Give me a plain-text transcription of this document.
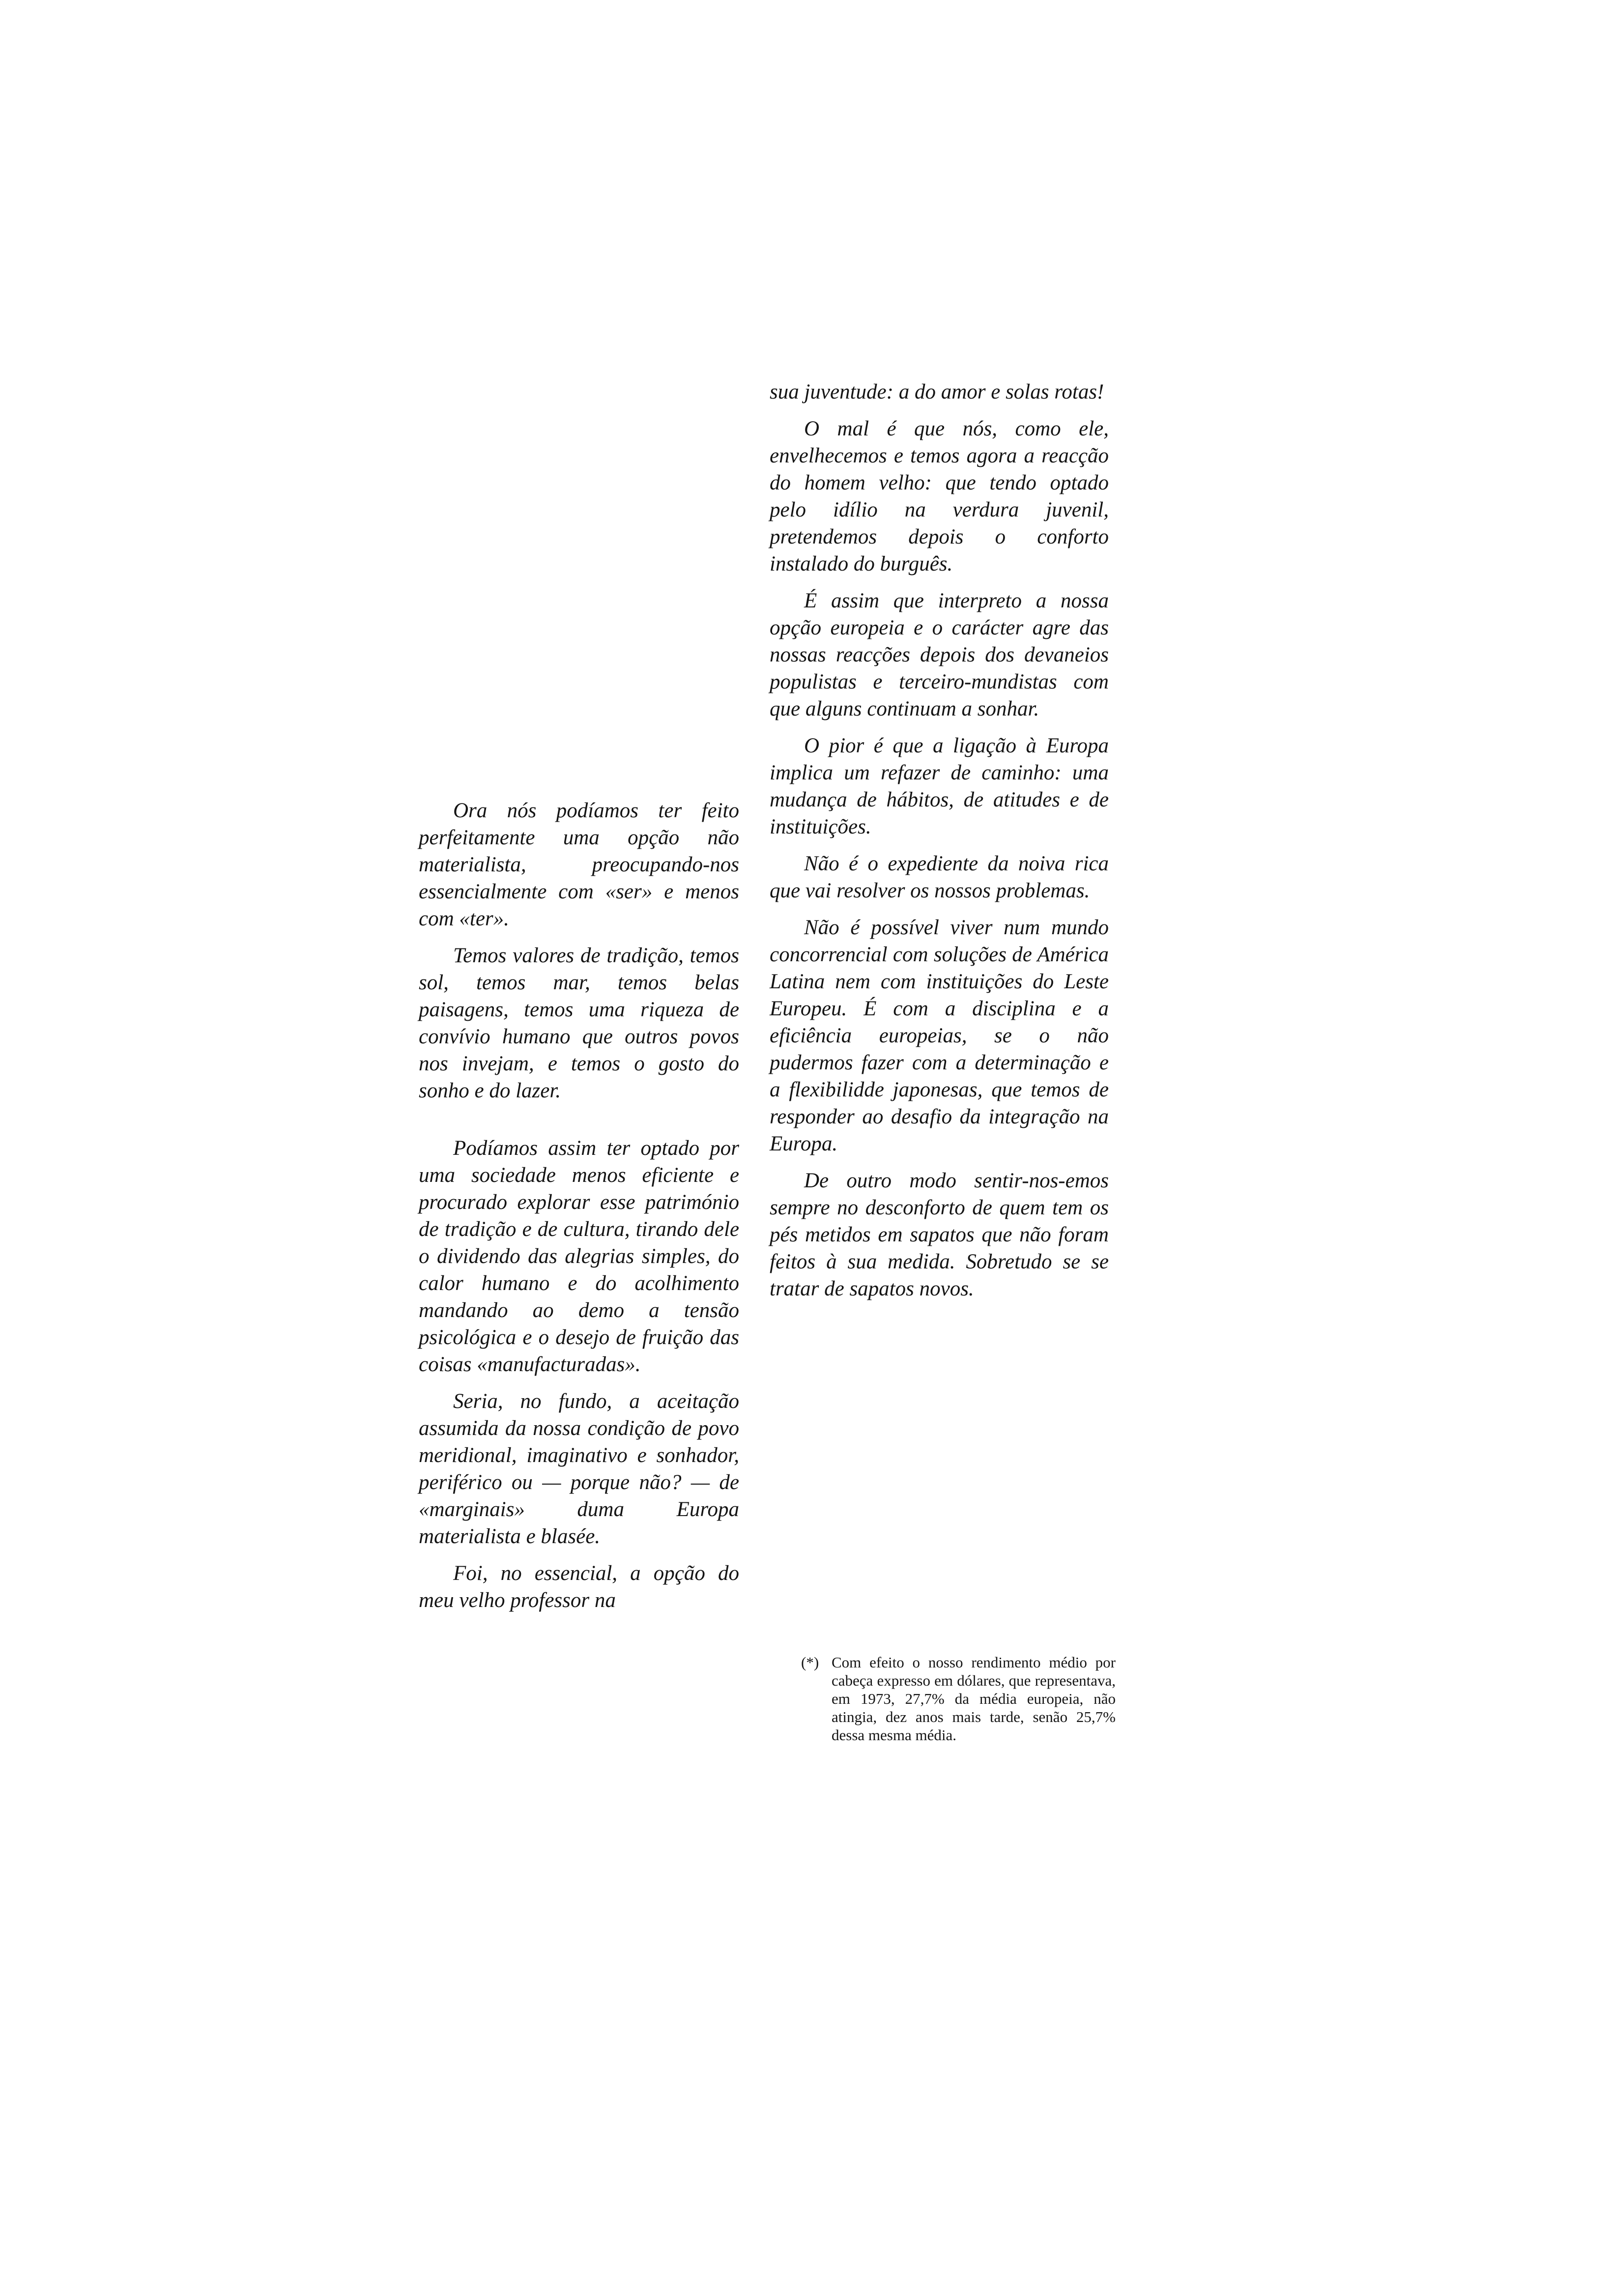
Ora nós podíamos ter feito perfeitamente uma opção não materialista, preocupando-nos essencialmente com «ser» e menos com «ter».

Temos valores de tradição, temos sol, temos mar, temos belas paisagens, temos uma riqueza de convívio humano que outros povos nos invejam, e temos o gosto do sonho e do lazer.

Podíamos assim ter optado por uma sociedade menos eficiente e procurado explorar esse património de tradição e de cultura, tirando dele o dividendo das alegrias simples, do calor humano e do acolhimento mandando ao demo a tensão psicológica e o desejo de fruição das coisas «manufacturadas».

Seria, no fundo, a aceitação assumida da nossa condição de povo meridional, imaginativo e sonhador, periférico ou — porque não? — de «marginais» duma Europa materialista e blasée.

Foi, no essencial, a opção do meu velho professor na

sua juventude: a do amor e solas rotas!

O mal é que nós, como ele, envelhecemos e temos agora a reacção do homem velho: que tendo optado pelo idílio na verdura juvenil, pretendemos depois o conforto instalado do burguês.

É assim que interpreto a nossa opção europeia e o carácter agre das nossas reacções depois dos devaneios populistas e terceiro-mundistas com que alguns continuam a sonhar.

O pior é que a ligação à Europa implica um refazer de caminho: uma mudança de hábitos, de atitudes e de instituições.

Não é o expediente da noiva rica que vai resolver os nossos problemas.

Não é possível viver num mundo concorrencial com soluções de América Latina nem com instituições do Leste Europeu. É com a disciplina e a eficiência europeias, se o não pudermos fazer com a determinação e a flexibilidde japonesas, que temos de responder ao desafio da integração na Europa.

De outro modo sentir-nos-emos sempre no desconforto de quem tem os pés metidos em sapatos que não foram feitos à sua medida. Sobretudo se se tratar de sapatos novos.

(*) Com efeito o nosso rendimento médio por cabeça expresso em dólares, que representava, em 1973, 27,7% da média europeia, não atingia, dez anos mais tarde, senão 25,7% dessa mesma média.
